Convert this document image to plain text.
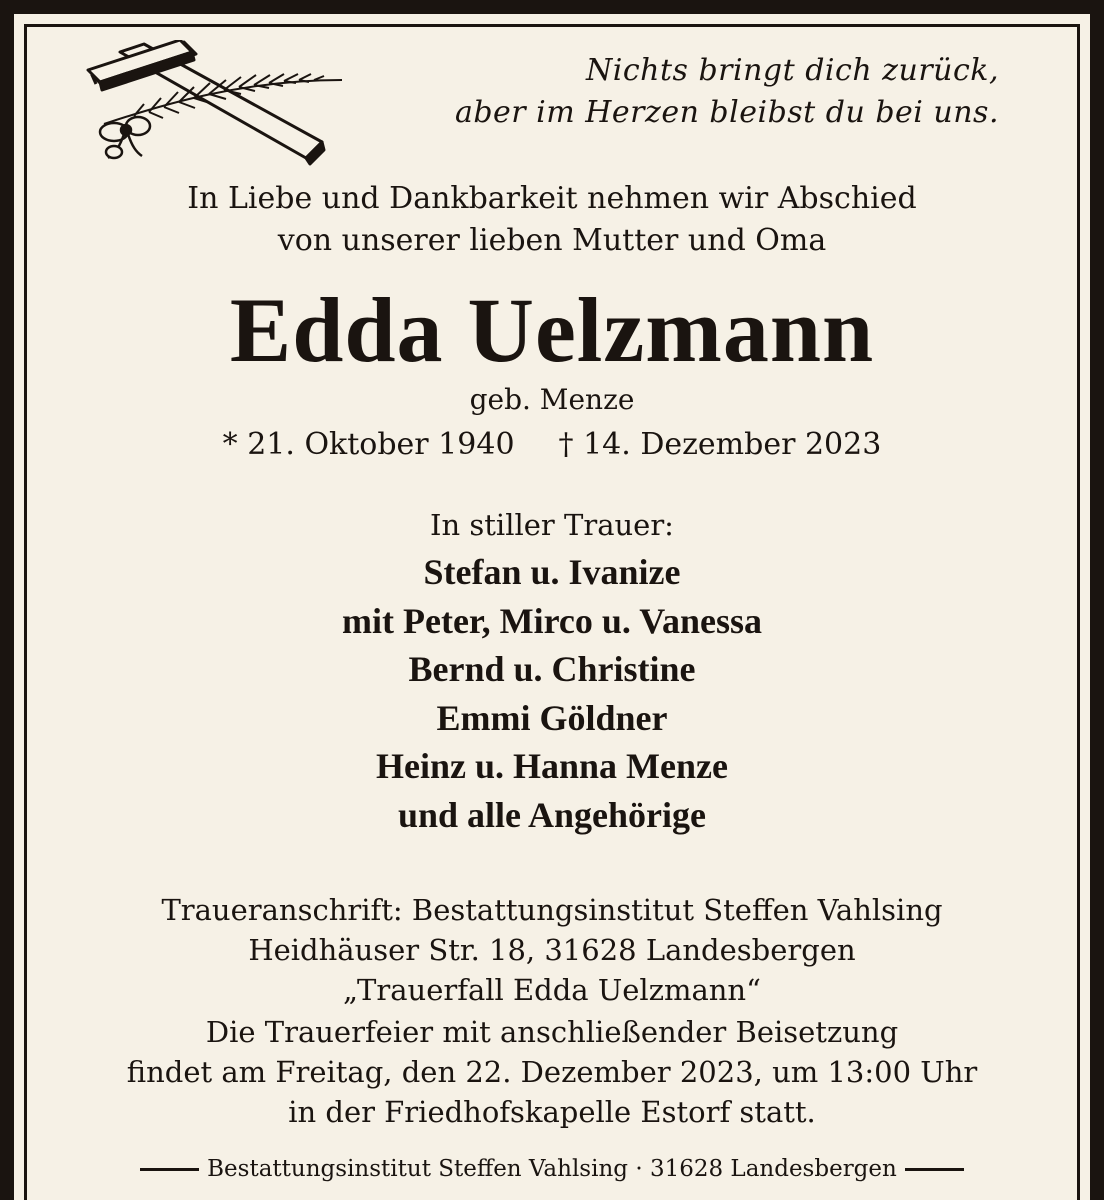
Nichts bringt dich zurück,
aber im Herzen bleibst du bei uns.
In Liebe und Dankbarkeit nehmen wir Abschied
von unserer lieben Mutter und Oma
Edda Uelzmann
geb. Menze
* 21. Oktober 1940 † 14. Dezember 2023
In stiller Trauer:
Stefan u. Ivanize
mit Peter, Mirco u. Vanessa
Bernd u. Christine
Emmi Göldner
Heinz u. Hanna Menze
und alle Angehörige
Traueranschrift: Bestattungsinstitut Steffen Vahlsing
Heidhäuser Str. 18, 31628 Landesbergen
„Trauerfall Edda Uelzmann“
Die Trauerfeier mit anschließender Beisetzung
findet am Freitag, den 22. Dezember 2023, um 13:00 Uhr
in der Friedhofskapelle Estorf statt.
Bestattungsinstitut Steffen Vahlsing · 31628 Landesbergen
